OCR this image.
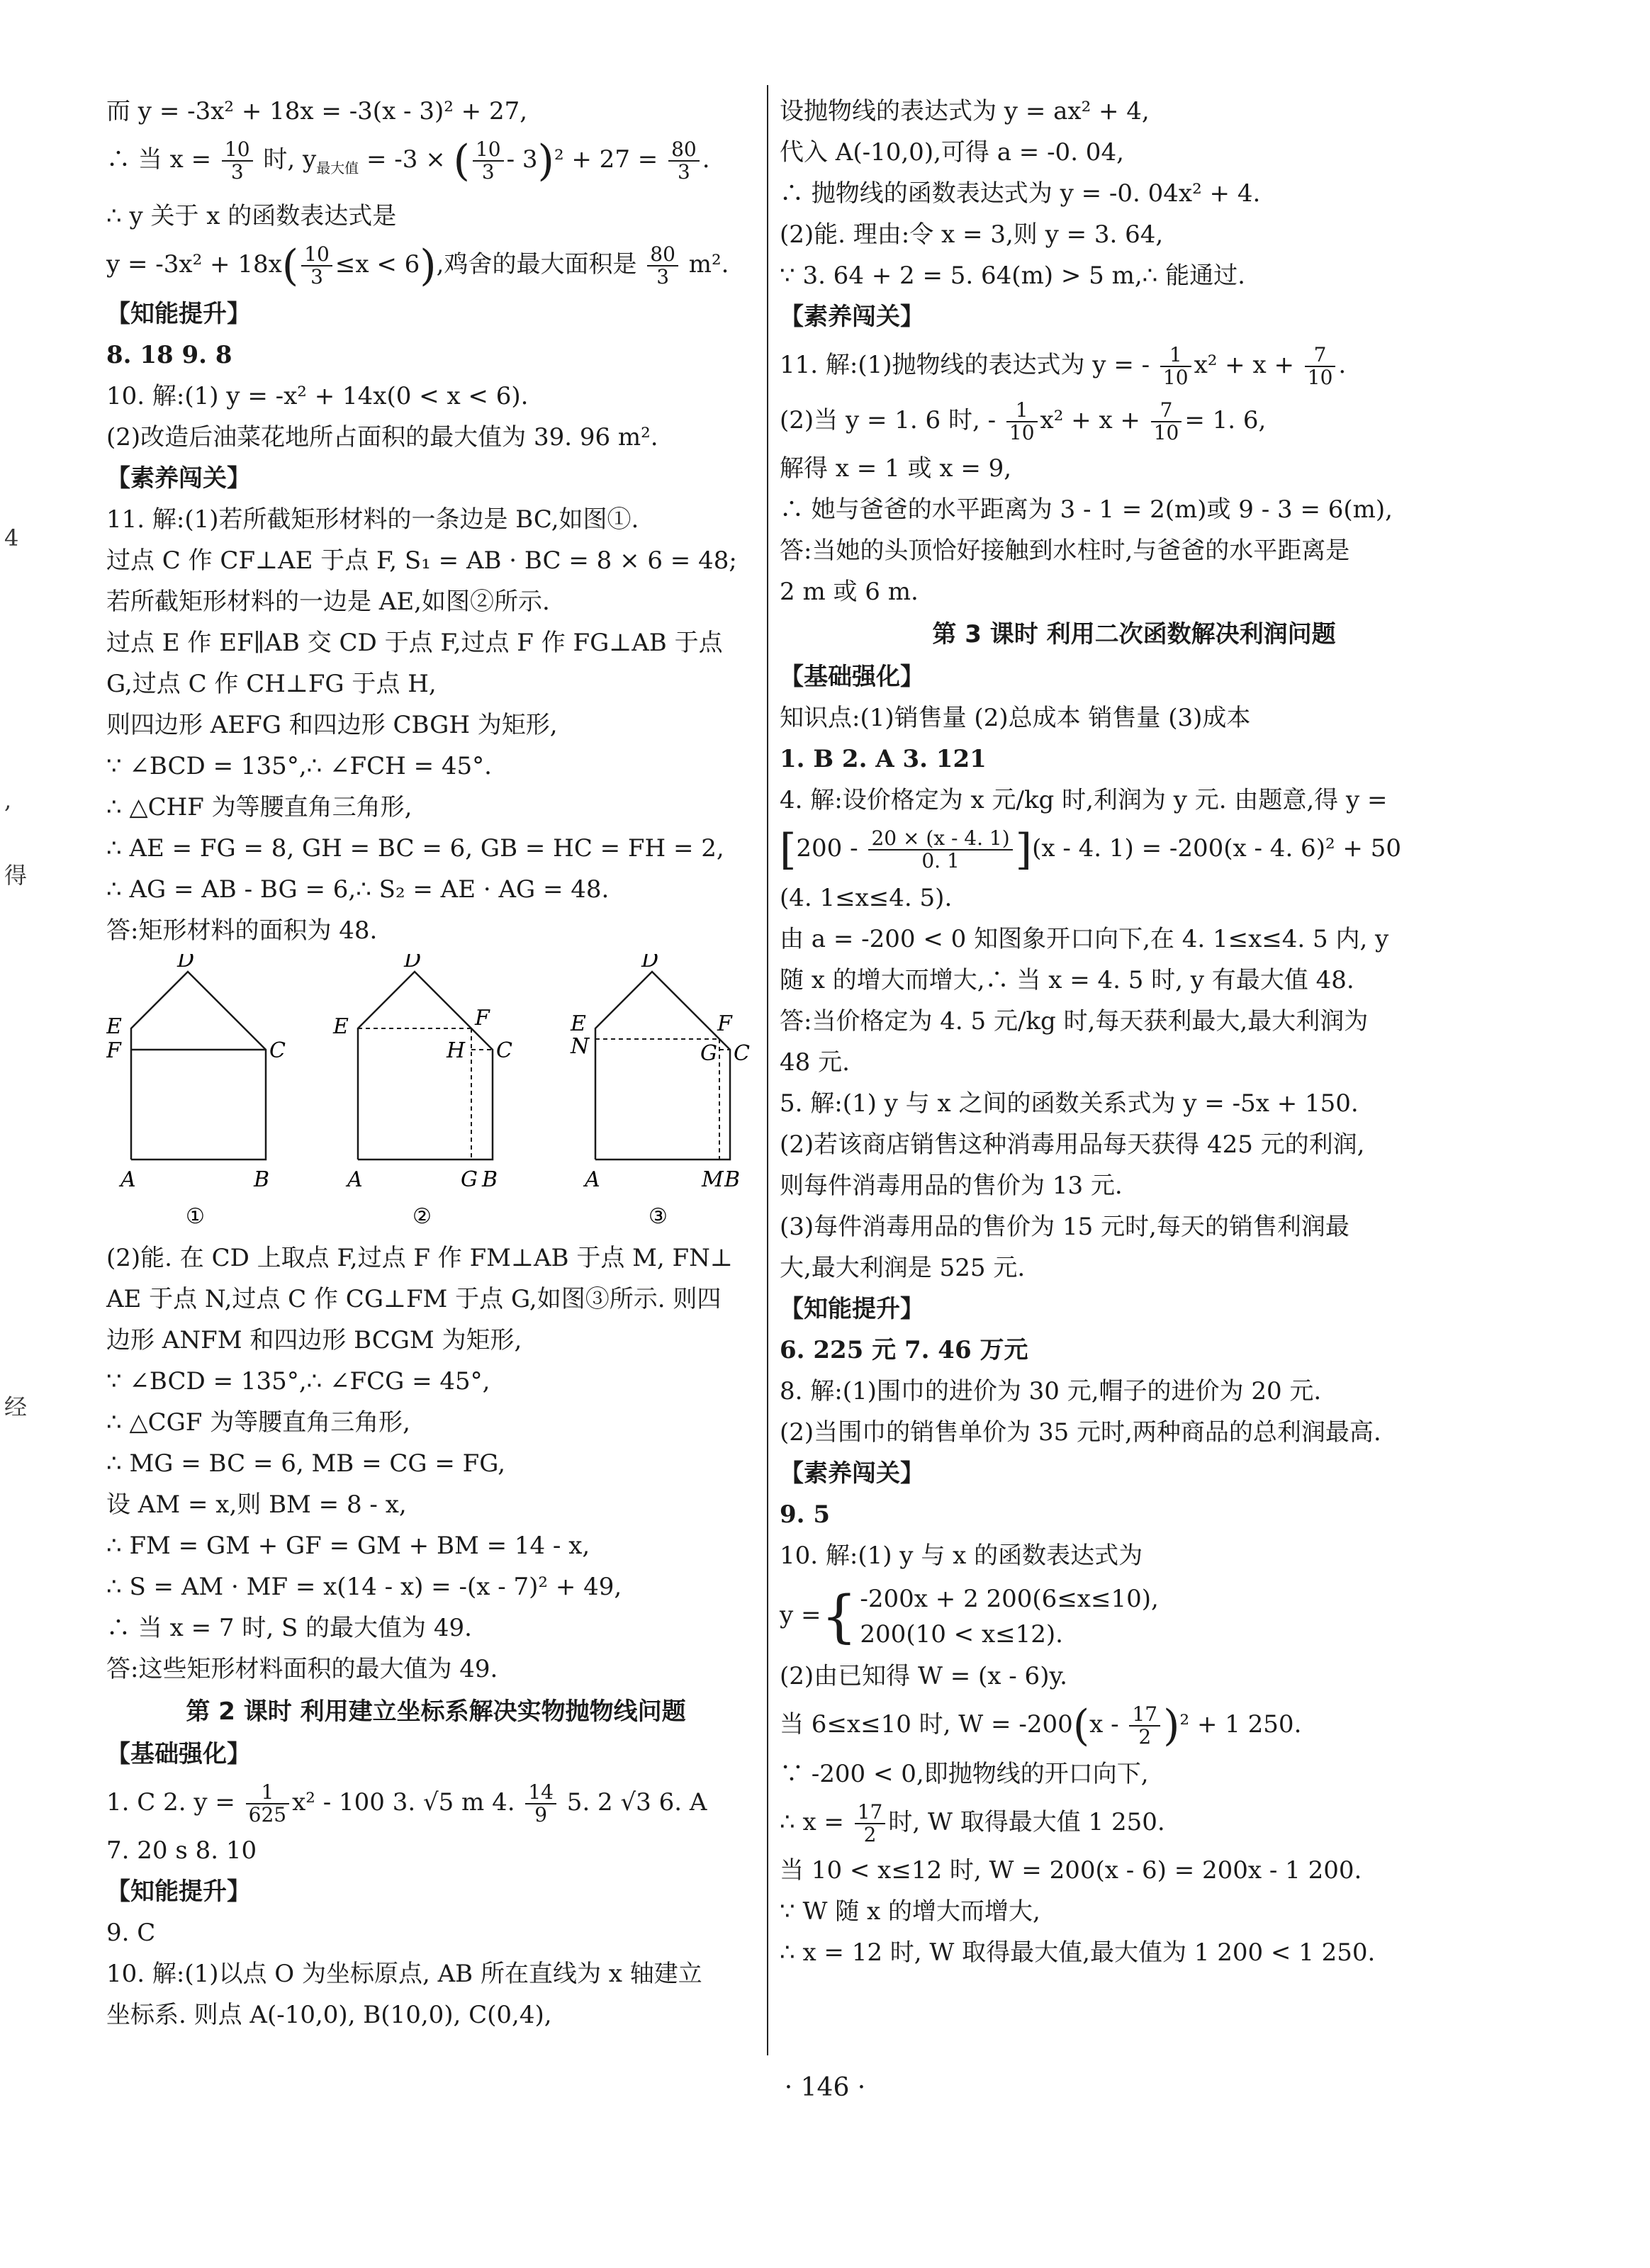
4
,
得
经
而 y = -3x² + 18x = -3(x - 3)² + 27,
∴ 当 $x = \frac{10}{3}$ 时, $y_{最大值} = -3$ × ( $\frac{10}{3} - 3)^2 + 27 = \frac{80}{3}$ .
∴ y 关于 x 的函数表达式是
$y = -3x^2 + 18x( \frac{10}{3} \le x < 6)$,鸡舍的最大面积是 $\frac{80}{3} m^2$.
【知能提升】
8. 18 9. 8
10. 解:(1) y = -x² + 14x(0 < x < 6).
(2)改造后油菜花地所占面积的最大值为 39. 96 m².
【素养闯关】
11. 解:(1)若所截矩形材料的一条边是 BC,如图①.
过点 C 作 CF⊥AE 于点 F, S₁ = AB · BC = 8 × 6 = 48;
若所截矩形材料的一边是 AE,如图②所示.
过点 E 作 EF∥AB 交 CD 于点 F,过点 F 作 FG⊥AB 于点
G,过点 C 作 CH⊥FG 于点 H,
则四边形 AEFG 和四边形 CBGH 为矩形,
∵ ∠BCD = 135°,∴ ∠FCH = 45°.
∴ △CHF 为等腰直角三角形,
∴ AE = FG = 8, GH = BC = 6, GB = HC = FH = 2,
∴ AG = AB - BG = 6,∴ S₂ = AE · AG = 48.
答:矩形材料的面积为 48.
D
E
F	C
A	B
①
D
E	F
H C
A	G B
②
D
E
N
F
G C
A	M B
③
(2)能. 在 CD 上取点 F,过点 F 作 FM⊥AB 于点 M, FN⊥
AE 于点 N,过点 C 作 CG⊥FM 于点 G,如图③所示. 则四
边形 ANFM 和四边形 BCGM 为矩形,
∵ ∠BCD = 135°,∴ ∠FCG = 45°,
∴ △CGF 为等腰直角三角形,
∴ MG = BC = 6, MB = CG = FG,
设 AM = x,则 BM = 8 - x,
∴ FM = GM + GF = GM + BM = 14 - x,
∴ S = AM · MF = x(14 - x) = -(x - 7)² + 49,
∴ 当 x = 7 时, S 的最大值为 49.
答:这些矩形材料面积的最大值为 49.
第 2 课时 利用建立坐标系解决实物抛物线问题
【基础强化】
1. C 2. $y = \frac{1}{625} x^2 - 100$ 3. √5 m 4. $\frac{14}{9} 5$. 2 √3 6. A
7. 20 s 8. 10
【知能提升】
9. C
10. 解:(1)以点 O 为坐标原点, AB 所在直线为 x 轴建立
坐标系. 则点 A(-10,0), B(10,0), C(0,4),
设抛物线的表达式为 y = ax² + 4,
代入 A(-10,0),可得 a = -0. 04,
∴ 抛物线的函数表达式为 y = -0. 04x² + 4.
(2)能. 理由:令 x = 3,则 y = 3. 64,
∵ 3. 64 + 2 = 5. 64(m) > 5 m,∴ 能通过.
【素养闯关】
11. 解:(1)抛物线的表达式为 y = - $\frac{1}{10} x^2 + x + \frac{7}{10}$ .
(2)当 y = 1. 6 时, - $\frac{1}{10} x^2 + x + \frac{7}{10} = 1$. 6,
解得 x = 1 或 x = 9,
∴ 她与爸爸的水平距离为 3 - 1 = 2(m)或 9 - 3 = 6(m),
答:当她的头顶恰好接触到水柱时,与爸爸的水平距离是
2 m 或 6 m.
第 3 课时 利用二次函数解决利润问题
【基础强化】
知识点:(1)销售量 (2)总成本 销售量 (3)成本
1. B 2. A 3. 121
4. 解:设价格定为 x 元/kg 时,利润为 y 元. 由题意,得 y =
$[200 - \frac{20 \times (x - 4. 1)}{0. 1} ](x - 4$. 1) = -200(x - 4. 6)² + 50
(4. 1≤x≤4. 5).
由 a = -200 < 0 知图象开口向下,在 4. 1≤x≤4. 5 内, y
随 x 的增大而增大,∴ 当 x = 4. 5 时, y 有最大值 48.
答:当价格定为 4. 5 元/kg 时,每天获利最大,最大利润为
48 元.
5. 解:(1) y 与 x 之间的函数关系式为 y = -5x + 150.
(2)若该商店销售这种消毒用品每天获得 425 元的利润,
则每件消毒用品的售价为 13 元.
(3)每件消毒用品的售价为 15 元时,每天的销售利润最
大,最大利润是 525 元.
【知能提升】
6. 225 元 7. 46 万元
8. 解:(1)围巾的进价为 30 元,帽子的进价为 20 元.
(2)当围巾的销售单价为 35 元时,两种商品的总利润最高.
【素养闯关】
9. 5
10. 解:(1) y 与 x 的函数表达式为
y ={ -200x + 2 200(6≤x≤10),
200(10 < x≤12).
(2)由已知得 W = (x - 6)y.
当 6≤x≤10 时, $W = -200(x - \frac{17}{2} )^2 + 1$ 250.
∵ -200 < 0,即抛物线的开口向下,
∴ $x = \frac{17}{2}$ 时, W 取得最大值 1 250.
当 10 < x≤12 时, W = 200(x - 6) = 200x - 1 200.
∵ W 随 x 的增大而增大,
∴ x = 12 时, W 取得最大值,最大值为 1 200 < 1 250.
· 146 ·
